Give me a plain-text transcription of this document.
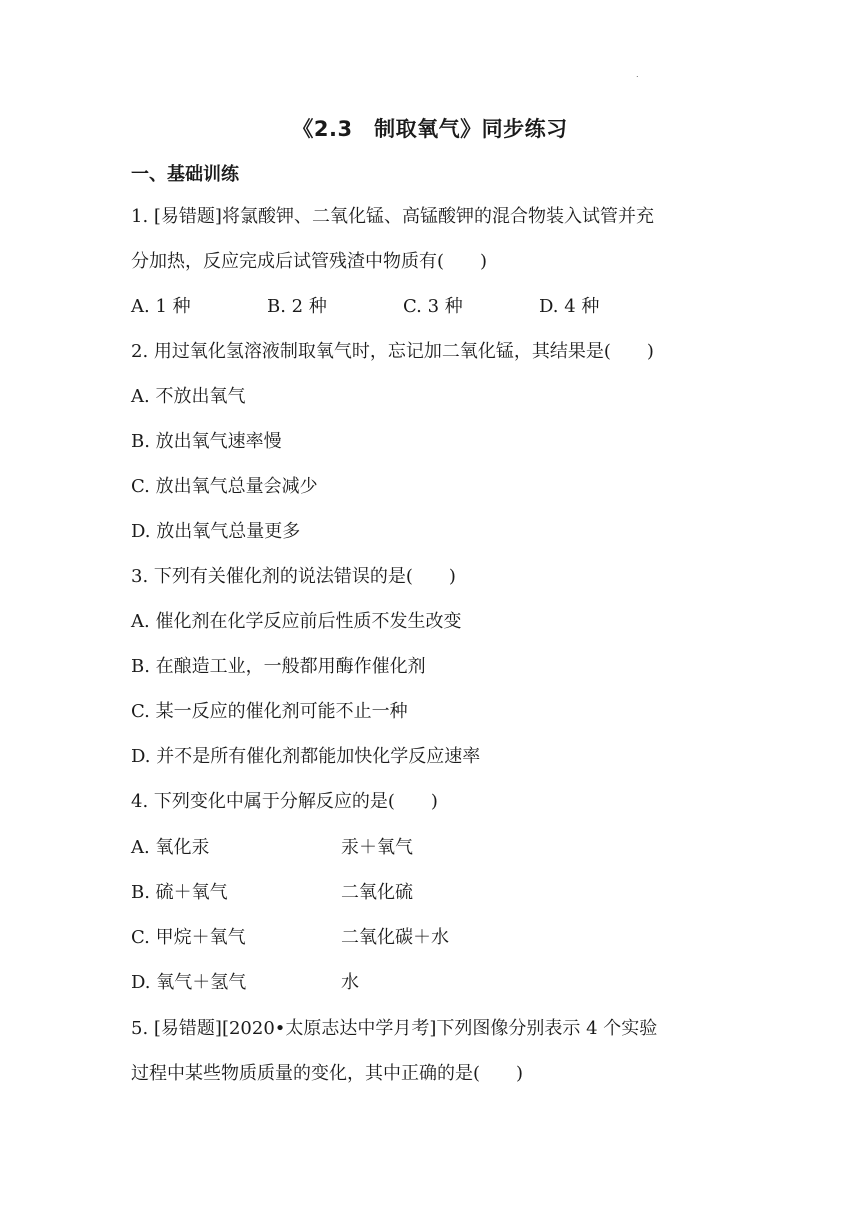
.
《2.3　制取氧气》同步练习
一、基础训练
1. [易错题]将氯酸钾、二氧化锰、高锰酸钾的混合物装入试管并充
分加热，反应完成后试管残渣中物质有(　　)
A. 1 种	B. 2 种	C. 3 种	D. 4 种
2. 用过氧化氢溶液制取氧气时，忘记加二氧化锰，其结果是(　　)
A. 不放出氧气
B. 放出氧气速率慢
C. 放出氧气总量会减少
D. 放出氧气总量更多
3. 下列有关催化剂的说法错误的是(　　)
A. 催化剂在化学反应前后性质不发生改变
B. 在酿造工业，一般都用酶作催化剂
C. 某一反应的催化剂可能不止一种
D. 并不是所有催化剂都能加快化学反应速率
4. 下列变化中属于分解反应的是(　　)
A. 氧化汞	汞＋氧气
B. 硫＋氧气	二氧化硫
C. 甲烷＋氧气	二氧化碳＋水
D. 氧气＋氢气	水
5. [易错题][2020•太原志达中学月考]下列图像分别表示 4 个实验
过程中某些物质质量的变化，其中正确的是(　　)
